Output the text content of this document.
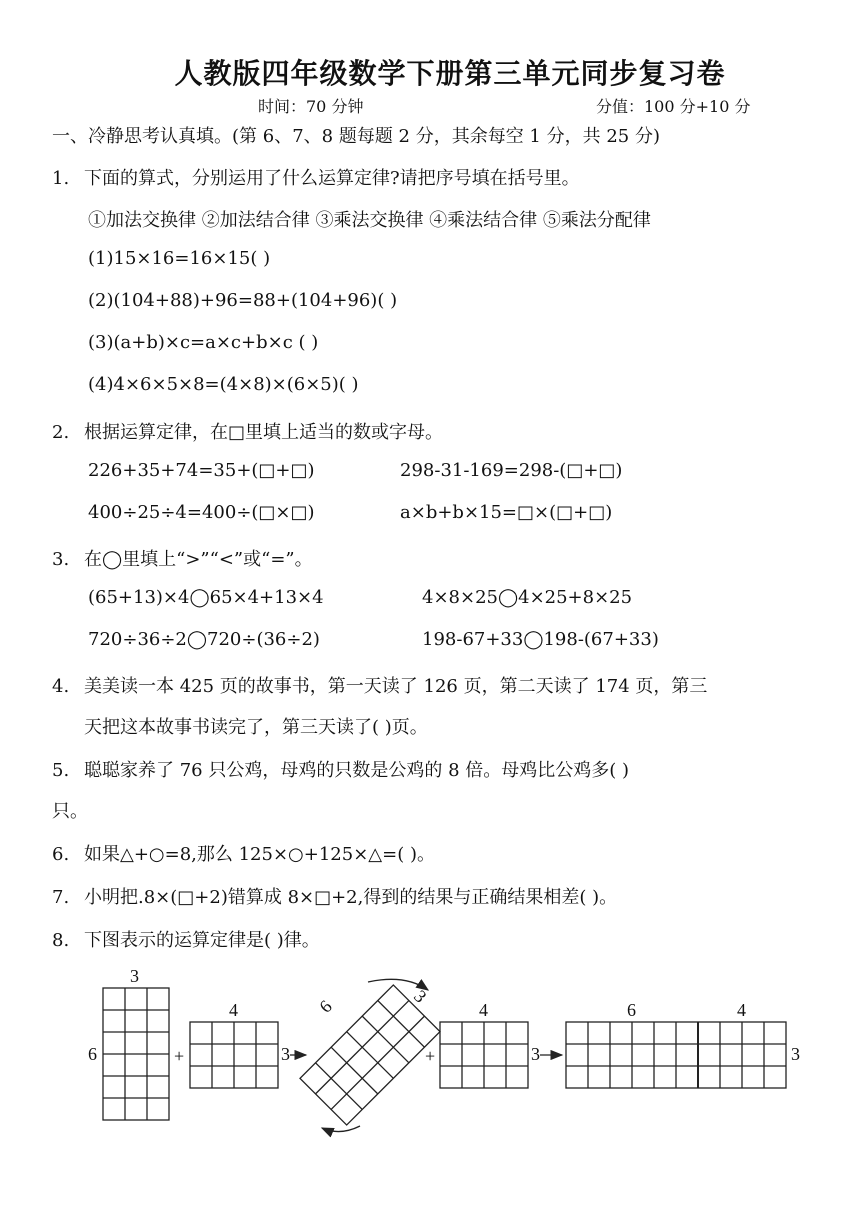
人教版四年级数学下册第三单元同步复习卷
时间：70 分钟	分值：100 分+10 分
一、冷静思考认真填。(第 6、7、8 题每题 2 分，其余每空 1 分，共 25 分)
1. 下面的算式，分别运用了什么运算定律?请把序号填在括号里。
①加法交换律 ②加法结合律 ③乘法交换律 ④乘法结合律 ⑤乘法分配律
(1)15×16=16×15( )
(2)(104+88)+96=88+(104+96)( )
(3)(a+b)×c=a×c+b×c ( )
(4)4×6×5×8=(4×8)×(6×5)( )
2. 根据运算定律，在□里填上适当的数或字母。
226+35+74=35+(□+□)	298-31-169=298-(□+□)
400÷25÷4=400÷(□×□)	a×b+b×15=□×(□+□)
3. 在◯里填上“>”“<”或“=”。
(65+13)×4◯65×4+13×4	4×8×25◯4×25+8×25
720÷36÷2◯720÷(36÷2)	198-67+33◯198-(67+33)
4. 美美读一本 425 页的故事书，第一天读了 126 页，第二天读了 174 页，第三
天把这本故事书读完了，第三天读了( )页。
5. 聪聪家养了 76 只公鸡，母鸡的只数是公鸡的 8 倍。母鸡比公鸡多( )
只。
6. 如果△+○=8,那么 125×○+125×△=( )。
7. 小明把.8×(□+2)错算成 8×□+2,得到的结果与正确结果相差( )。
8. 下图表示的运算定律是( )律。
3
6	+
4
3
6	3
+
4
3
6	4
3
